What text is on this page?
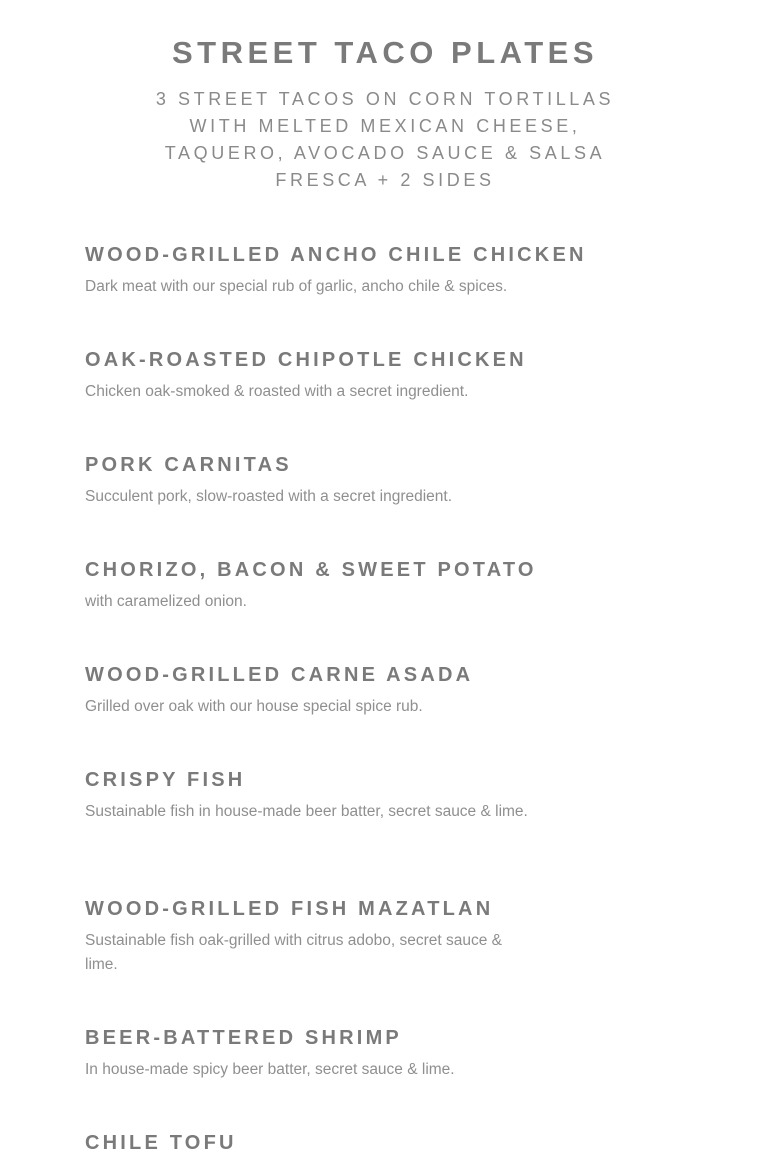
STREET TACO PLATES

3 STREET TACOS ON CORN TORTILLAS WITH MELTED MEXICAN CHEESE, TAQUERO, AVOCADO SAUCE & SALSA FRESCA + 2 SIDES

WOOD-GRILLED ANCHO CHILE CHICKEN

Dark meat with our special rub of garlic, ancho chile & spices.

OAK-ROASTED CHIPOTLE CHICKEN

Chicken oak-smoked & roasted with a secret ingredient.

PORK CARNITAS

Succulent pork, slow-roasted with a secret ingredient.

CHORIZO, BACON & SWEET POTATO

with caramelized onion.

WOOD-GRILLED CARNE ASADA

Grilled over oak with our house special spice rub.

CRISPY FISH

Sustainable fish in house-made beer batter, secret sauce & lime.

WOOD-GRILLED FISH MAZATLAN

Sustainable fish oak-grilled with citrus adobo, secret sauce & lime.

BEER-BATTERED SHRIMP

In house-made spicy beer batter, secret sauce & lime.

CHILE TOFU
